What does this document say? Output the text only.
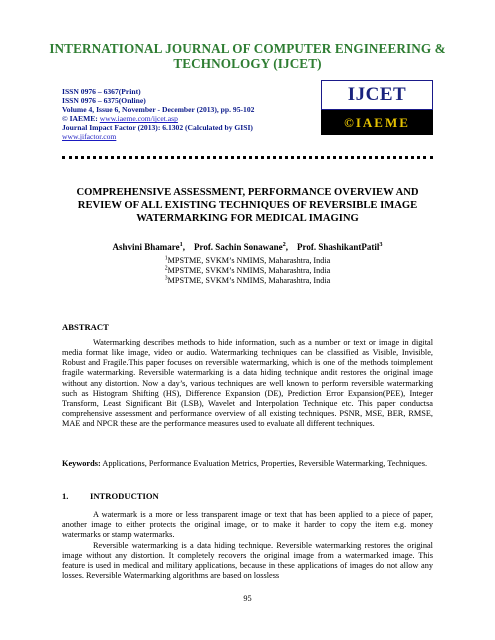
INTERNATIONAL JOURNAL OF COMPUTER ENGINEERING &
TECHNOLOGY (IJCET)
ISSN 0976 – 6367(Print)
ISSN 0976 – 6375(Online)
Volume 4, Issue 6, November - December (2013), pp. 95-102
© IAEME: www.iaeme.com/ijcet.asp
Journal Impact Factor (2013): 6.1302 (Calculated by GISI)
www.jifactor.com
IJCET
©IAEME
COMPREHENSIVE ASSESSMENT, PERFORMANCE OVERVIEW AND
REVIEW OF ALL EXISTING TECHNIQUES OF REVERSIBLE IMAGE
WATERMARKING FOR MEDICAL IMAGING
Ashvini Bhamare$^1$,    Prof. Sachin Sonawane$^2$,    Prof. ShashikantPatil$^3$
$^1$MPSTME, SVKM’s NMIMS, Maharashtra, India
$^2$MPSTME, SVKM’s NMIMS, Maharashtra, India
$^3$MPSTME, SVKM’s NMIMS, Maharashtra, India
ABSTRACT
Watermarking describes methods to hide information, such as a number or text or image in digital media format like image, video or audio. Watermarking techniques can be classified as Visible, Invisible, Robust and Fragile.This paper focuses on reversible watermarking, which is one of the methods toimplement fragile watermarking. Reversible watermarking is a data hiding technique andit restores the original image without any distortion. Now a day’s, various techniques are well known to perform reversible watermarking such as Histogram Shifting (HS), Difference Expansion (DE), Prediction Error Expansion(PEE), Integer Transform, Least Significant Bit (LSB), Wavelet and Interpolation Technique etc. This paper conductsa comprehensive assessment and performance overview of all existing techniques. PSNR, MSE, BER, RMSE, MAE and NPCR these are the performance measures used to evaluate all different techniques.
Keywords: Applications, Performance Evaluation Metrics, Properties, Reversible Watermarking, Techniques.
1.	INTRODUCTION
A watermark is a more or less transparent image or text that has been applied to a piece of paper, another image to either protects the original image, or to make it harder to copy the item e.g. money watermarks or stamp watermarks.
Reversible watermarking is a data hiding technique. Reversible watermarking restores the original image without any distortion. It completely recovers the original image from a watermarked image. This feature is used in medical and military applications, because in these applications of images do not allow any losses. Reversible Watermarking algorithms are based on lossless
95
